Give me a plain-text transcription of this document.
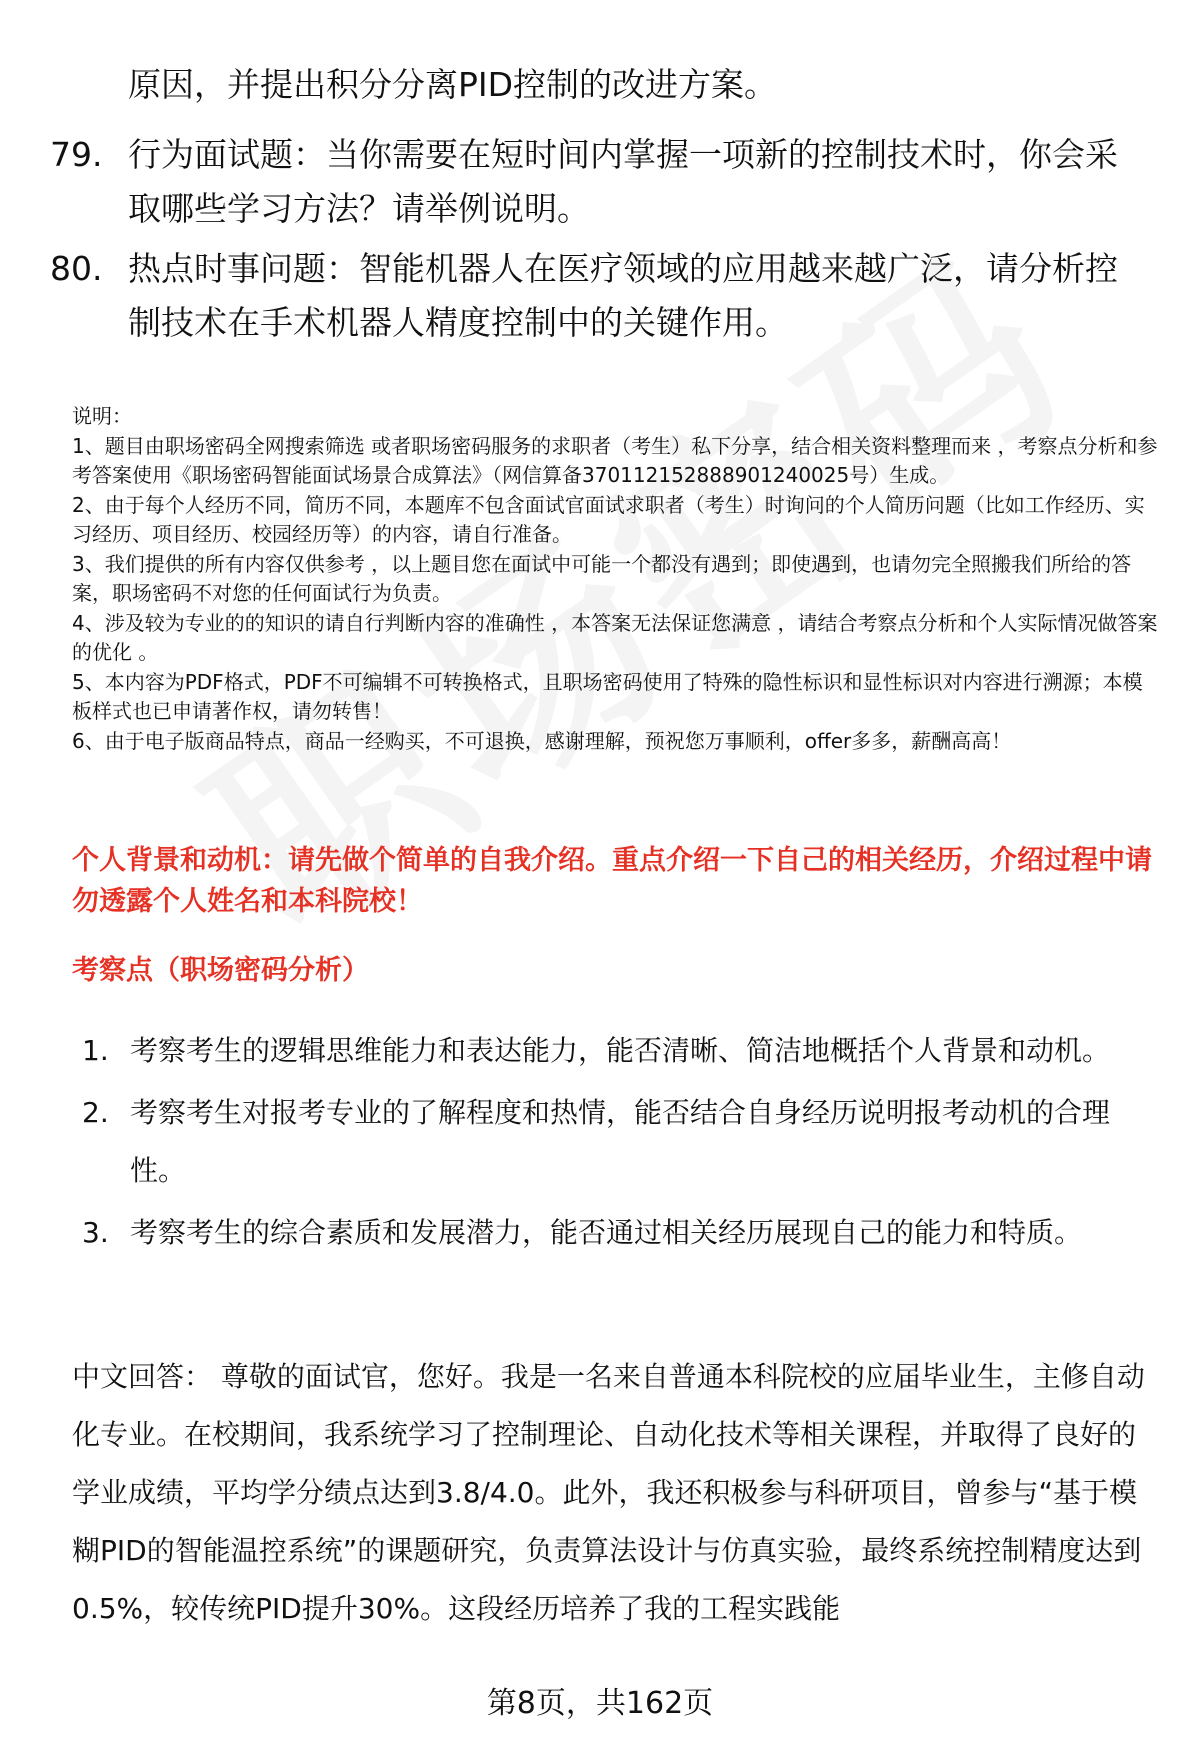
原因，并提出积分分离PID控制的改进方案。
79. 行为面试题：当你需要在短时间内掌握一项新的控制技术时，你会采取哪些学习方法？请举例说明。
80. 热点时事问题：智能机器人在医疗领域的应用越来越广泛，请分析控制技术在手术机器人精度控制中的关键作用。

说明：

1、题目由职场密码全网搜索筛选 或者职场密码服务的求职者（考生）私下分享，结合相关资料整理而来 ，考察点分析和参考答案使用《职场密码智能面试场景合成算法》（网信算备370112152888901240025号）生成。

2、由于每个人经历不同，简历不同，本题库不包含面试官面试求职者（考生）时询问的个人简历问题（比如工作经历、实习经历、项目经历、校园经历等）的内容，请自行准备。

3、我们提供的所有内容仅供参考 ，以上题目您在面试中可能一个都没有遇到；即使遇到，也请勿完全照搬我们所给的答案，职场密码不对您的任何面试行为负责。

4、涉及较为专业的的知识的请自行判断内容的准确性 ，本答案无法保证您满意 ，请结合考察点分析和个人实际情况做答案的优化 。

5、本内容为PDF格式，PDF不可编辑不可转换格式，且职场密码使用了特殊的隐性标识和显性标识对内容进行溯源；本模板样式也已申请著作权，请勿转售！

6、由于电子版商品特点，商品一经购买，不可退换，感谢理解，预祝您万事顺利，offer多多，薪酬高高！

个人背景和动机：请先做个简单的自我介绍。重点介绍一下自己的相关经历，介绍过程中请勿透露个人姓名和本科院校！
考察点（职场密码分析）
1. 考察考生的逻辑思维能力和表达能力，能否清晰、简洁地概括个人背景和动机。
2. 考察考生对报考专业的了解程度和热情，能否结合自身经历说明报考动机的合理性。
3. 考察考生的综合素质和发展潜力，能否通过相关经历展现自己的能力和特质。

中文回答： 尊敬的面试官，您好。我是一名来自普通本科院校的应届毕业生，主修自动化专业。在校期间，我系统学习了控制理论、自动化技术等相关课程，并取得了良好的学业成绩，平均学分绩点达到3.8/4.0。此外，我还积极参与科研项目，曾参与“基于模糊PID的智能温控系统”的课题研究，负责算法设计与仿真实验，最终系统控制精度达到0.5%，较传统PID提升30%。这段经历培养了我的工程实践能

第8页，共162页
